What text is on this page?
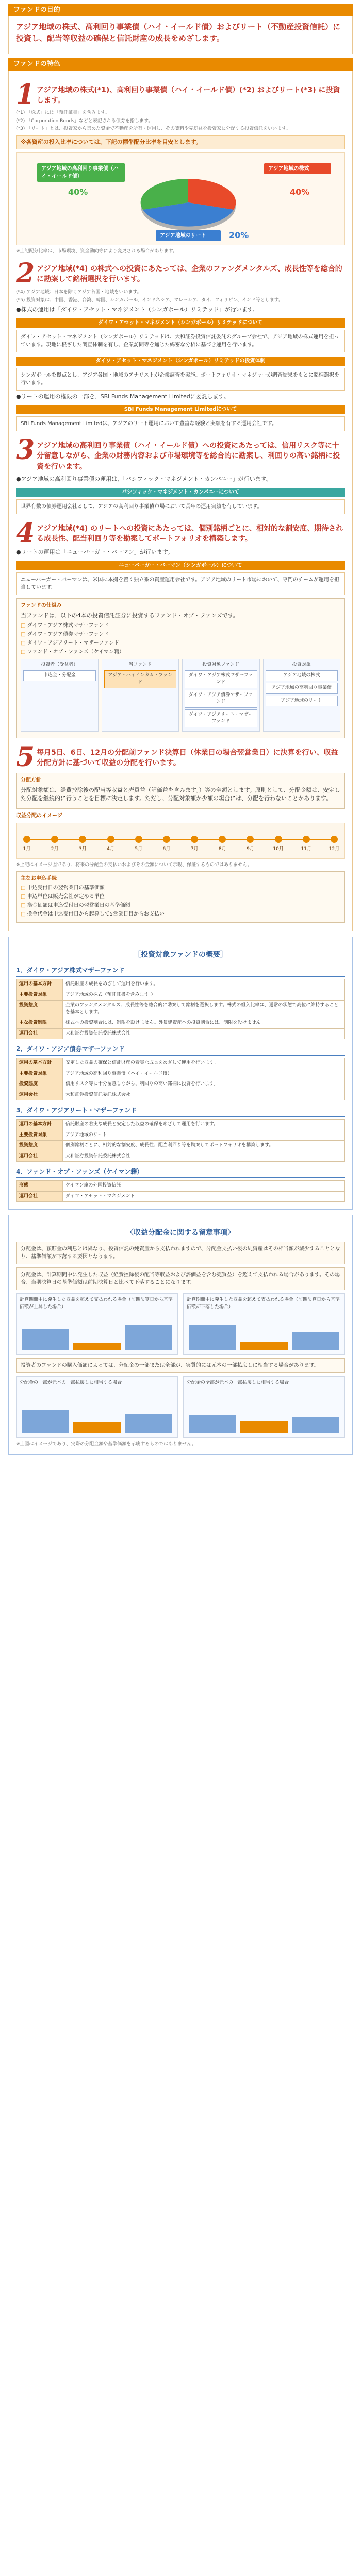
ファンドの目的
アジア地域の株式、高利回り事業債（ハイ・イールド債）およびリート（不動産投資信託）に投資し、配当等収益の確保と信託財産の成長をめざします。
ファンドの特色
1 アジア地域の株式(*1)、高利回り事業債（ハイ・イールド債）(*2) およびリート(*3) に投資します。
(*1) 「株式」には「預託証書」を含みます。
(*2) 「Corporation Bonds」などと表記される債券を指します。
(*3) 「リート」とは、投資家から集めた資金で不動産を所有・運用し、その賃料や売却益を投資家に分配する投資信託をいいます。
※各資産の投入比率については、下記の標準配分比率を目安とします。
アジア地域の高利回り事業債（ハイ・イールド債）
40%
アジア地域の株式
40%
アジア地域のリート	20%
※上記配分比率は、市場環境、資金動向等により変更される場合があります。
2 アジア地域(*4) の株式への投資にあたっては、企業のファンダメンタルズ、成長性等を総合的に勘案して銘柄選択を行います。
(*4) アジア地域：日本を除くアジア各国・地域をいいます。
(*5) 投資対象は、中国、香港、台湾、韓国、シンガポール、インドネシア、マレーシア、タイ、フィリピン、インド等とします。
●株式の運用は「ダイワ・アセット・マネジメント（シンガポール）リミテッド」が行います。
ダイワ・アセット・マネジメント（シンガポール）リミテッドについて
ダイワ・アセット・マネジメント（シンガポール）リミテッドは、大和証券投資信託委託のグループ会社で、アジア地域の株式運用を担っています。現地に根ざした調査体制を有し、企業訪問等を通じた綿密な分析に基づき運用を行います。
ダイワ・アセット・マネジメント（シンガポール）リミテッドの投資体制
シンガポールを拠点とし、アジア各国・地域のアナリストが企業調査を実施。ポートフォリオ・マネジャーが調査結果をもとに銘柄選択を行います。
●リートの運用の権限の一部を、SBI Funds Management Limitedに委託します。
SBI Funds Management Limitedについて
SBI Funds Management Limitedは、アジアのリート運用において豊富な経験と実績を有する運用会社です。
3 アジア地域の高利回り事業債（ハイ・イールド債）への投資にあたっては、信用リスク等に十分留意しながら、企業の財務内容および市場環境等を総合的に勘案し、利回りの高い銘柄に投資を行います。
●アジア地域の高利回り事業債の運用は、「パシフィック・マネジメント・カンパニー」が行います。
パシフィック・マネジメント・カンパニーについて
世界有数の債券運用会社として、アジアの高利回り事業債市場において長年の運用実績を有しています。
4 アジア地域(*4) のリートへの投資にあたっては、個別銘柄ごとに、相対的な割安度、期待される成長性、配当利回り等を勘案してポートフォリオを構築します。
●リートの運用は「ニューバーガー・バーマン」が行います。
ニューバーガー・バーマン（シンガポール）について
ニューバーガー・バーマンは、米国に本拠を置く独立系の資産運用会社です。アジア地域のリート市場において、専門のチームが運用を担当しています。
ファンドの仕組み
当ファンドは、以下の4本の投資信託証券に投資するファンド・オブ・ファンズです。
□ ダイワ・アジア株式マザーファンド
□ ダイワ・アジア債券マザーファンド
□ ダイワ・アジアリート・マザーファンド
□ ファンド・オブ・ファンズ（ケイマン籍）
投資者（受益者）
申込金・分配金
当ファンド
アジア・ハイインカム・ファンド
投資対象ファンド
ダイワ・アジア株式マザーファンド
ダイワ・アジア債券マザーファンド
ダイワ・アジアリート・マザーファンド
投資対象
アジア地域の株式
アジア地域の高利回り事業債
アジア地域のリート
5 毎月5日、6日、12月の分配前ファンド決算日（休業日の場合翌営業日）に決算を行い、収益分配方針に基づいて収益の分配を行います。
分配方針
分配対象額は、経費控除後の配当等収益と売買益（評価益を含みます。）等の全額とします。原則として、分配金額は、安定した分配を継続的に行うことを目標に決定します。ただし、分配対象額が少額の場合には、分配を行わないことがあります。
収益分配のイメージ
1月	2月	3月	4月	5月	6月	7月	8月	9月	10月	11月	12月
※上記はイメージ図であり、将来の分配金の支払いおよびその金額について示唆、保証するものではありません。
主なお申込手続
□ 申込受付日の翌営業日の基準価額
□ 申込単位は販売会社が定める単位
□ 換金価額は申込受付日の翌営業日の基準価額
□ 換金代金は申込受付日から起算して5営業日目からお支払い
［投資対象ファンドの概要］
1．ダイワ・アジア株式マザーファンド
運用の基本方針	信託財産の成長をめざして運用を行います。
主要投資対象	アジア地域の株式（預託証書を含みます。）
投資態度	企業のファンダメンタルズ、成長性等を総合的に勘案して銘柄を選択します。株式の組入比率は、通常の状態で高位に維持することを基本とします。
主な投資制限	株式への投資割合には、制限を設けません。外貨建資産への投資割合には、制限を設けません。
運用会社	大和証券投資信託委託株式会社
2．ダイワ・アジア債券マザーファンド
運用の基本方針	安定した収益の確保と信託財産の着実な成長をめざして運用を行います。
主要投資対象	アジア地域の高利回り事業債（ハイ・イールド債）
投資態度	信用リスク等に十分留意しながら、利回りの高い銘柄に投資を行います。
運用会社	大和証券投資信託委託株式会社
3．ダイワ・アジアリート・マザーファンド
運用の基本方針	信託財産の着実な成長と安定した収益の確保をめざして運用を行います。
主要投資対象	アジア地域のリート
投資態度	個別銘柄ごとに、相対的な割安度、成長性、配当利回り等を勘案してポートフォリオを構築します。
運用会社	大和証券投資信託委託株式会社
4．ファンド・オブ・ファンズ（ケイマン籍）
形態	ケイマン籍の外国投資信託
運用会社	ダイワ・アセット・マネジメント
〈収益分配金に関する留意事項〉
分配金は、預貯金の利息とは異なり、投資信託の純資産から支払われますので、分配金支払い後の純資産はその相当額が減少することとなり、基準価額が下落する要因となります。
分配金は、計算期間中に発生した収益（経費控除後の配当等収益および評価益を含む売買益）を超えて支払われる場合があります。その場合、当期決算日の基準価額は前期決算日と比べて下落することになります。
計算期間中に発生した収益を超えて支払われる場合（前期決算日から基準価額が上昇した場合）
計算期間中に発生した収益を超えて支払われる場合（前期決算日から基準価額が下落した場合）
投資者のファンドの購入価額によっては、分配金の一部または全部が、実質的には元本の一部払戻しに相当する場合があります。
分配金の一部が元本の一部払戻しに相当する場合	分配金の全部が元本の一部払戻しに相当する場合
※上図はイメージであり、実際の分配金額や基準価額を示唆するものではありません。
